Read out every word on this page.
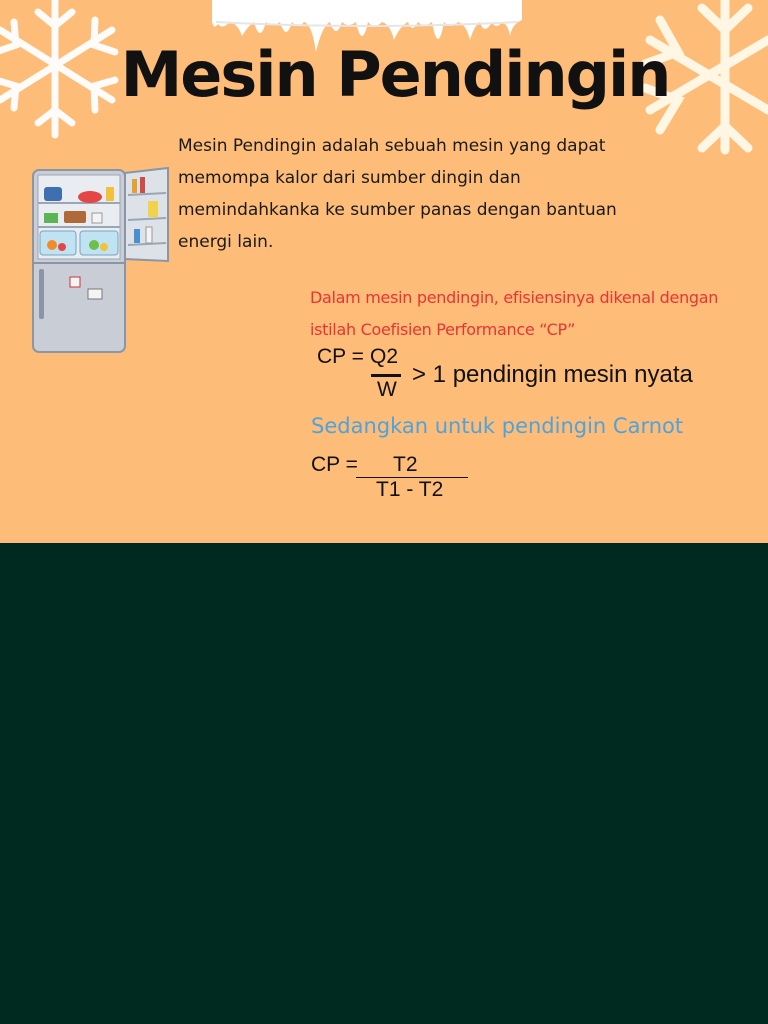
Mesin Pendingin

Mesin Pendingin adalah sebuah mesin yang dapat memompa kalor dari sumber dingin dan memindahkanka ke sumber panas dengan bantuan energi lain.

Dalam mesin pendingin, efisiensinya dikenal dengan istilah Coefisien Performance “CP”
CP = Q2
W
> 1 pendingin mesin nyata
Sedangkan untuk pendingin Carnot
CP = T2
T1 - T2
